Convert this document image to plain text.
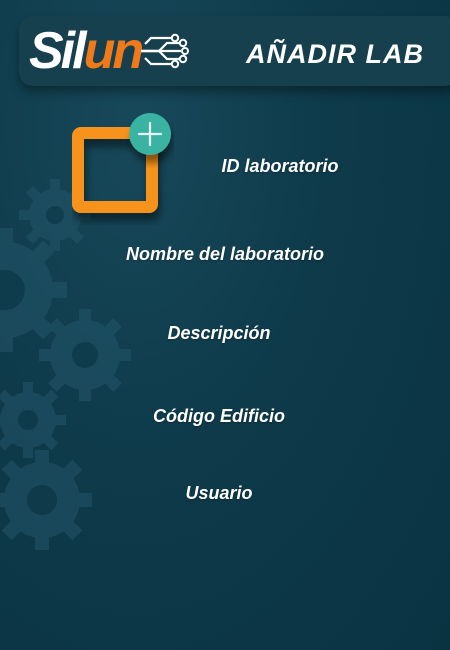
Sil un	AÑADIR LAB
ID laboratorio
Nombre del laboratorio
Descripción
Código Edificio
Usuario
